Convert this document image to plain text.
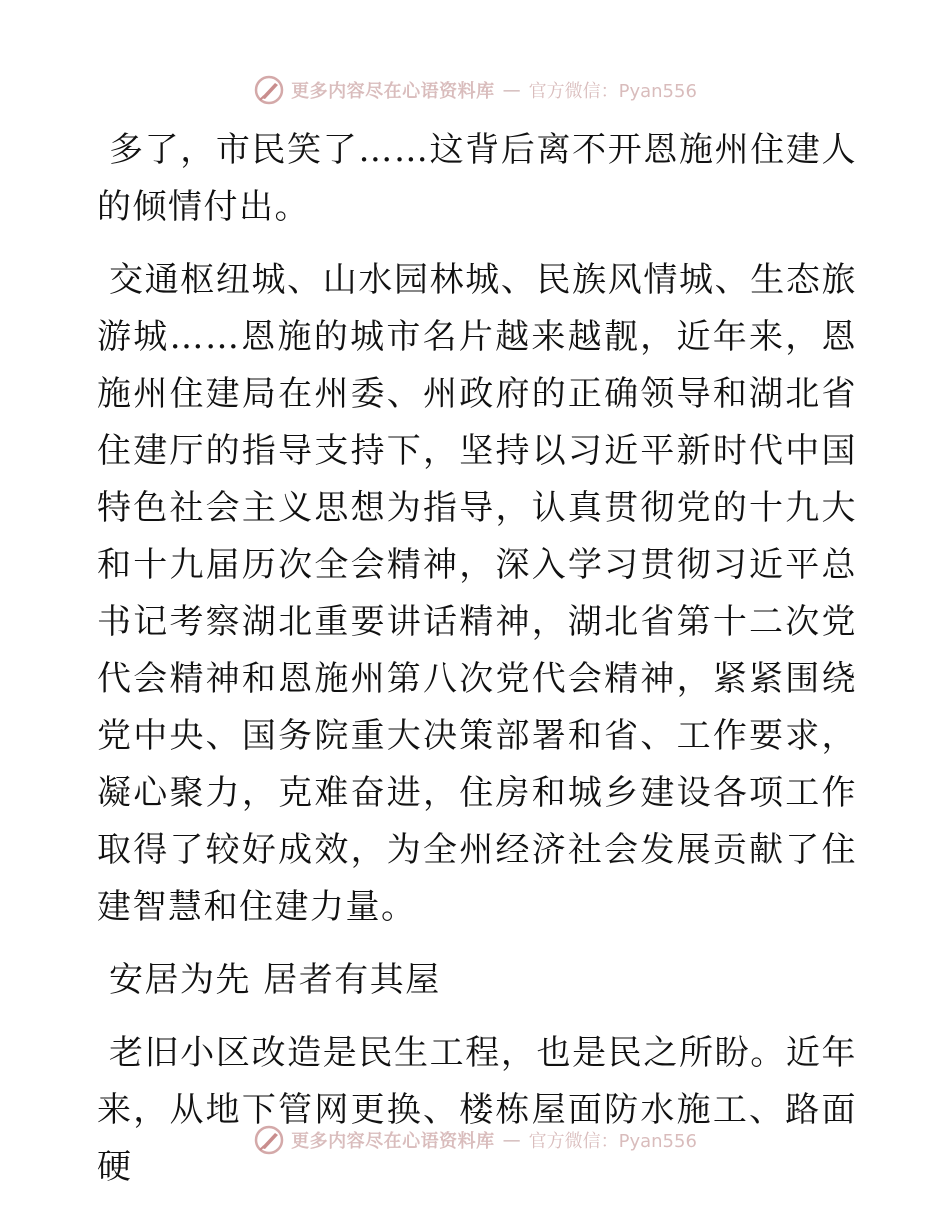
更多内容尽在心语资料库 — 官方微信：Pyan556

多了，市民笑了……这背后离不开恩施州住建人的倾情付出。

交通枢纽城、山水园林城、民族风情城、生态旅游城……恩施的城市名片越来越靓，近年来，恩施州住建局在州委、州政府的正确领导和湖北省住建厅的指导支持下，坚持以习近平新时代中国特色社会主义思想为指导，认真贯彻党的十九大和十九届历次全会精神，深入学习贯彻习近平总书记考察湖北重要讲话精神，湖北省第十二次党代会精神和恩施州第八次党代会精神，紧紧围绕党中央、国务院重大决策部署和省、工作要求，凝心聚力，克难奋进，住房和城乡建设各项工作取得了较好成效，为全州经济社会发展贡献了住建智慧和住建力量。

安居为先 居者有其屋

老旧小区改造是民生工程，也是民之所盼。近年来，从地下管网更换、楼栋屋面防水施工、路面硬

更多内容尽在心语资料库 — 官方微信：Pyan556
